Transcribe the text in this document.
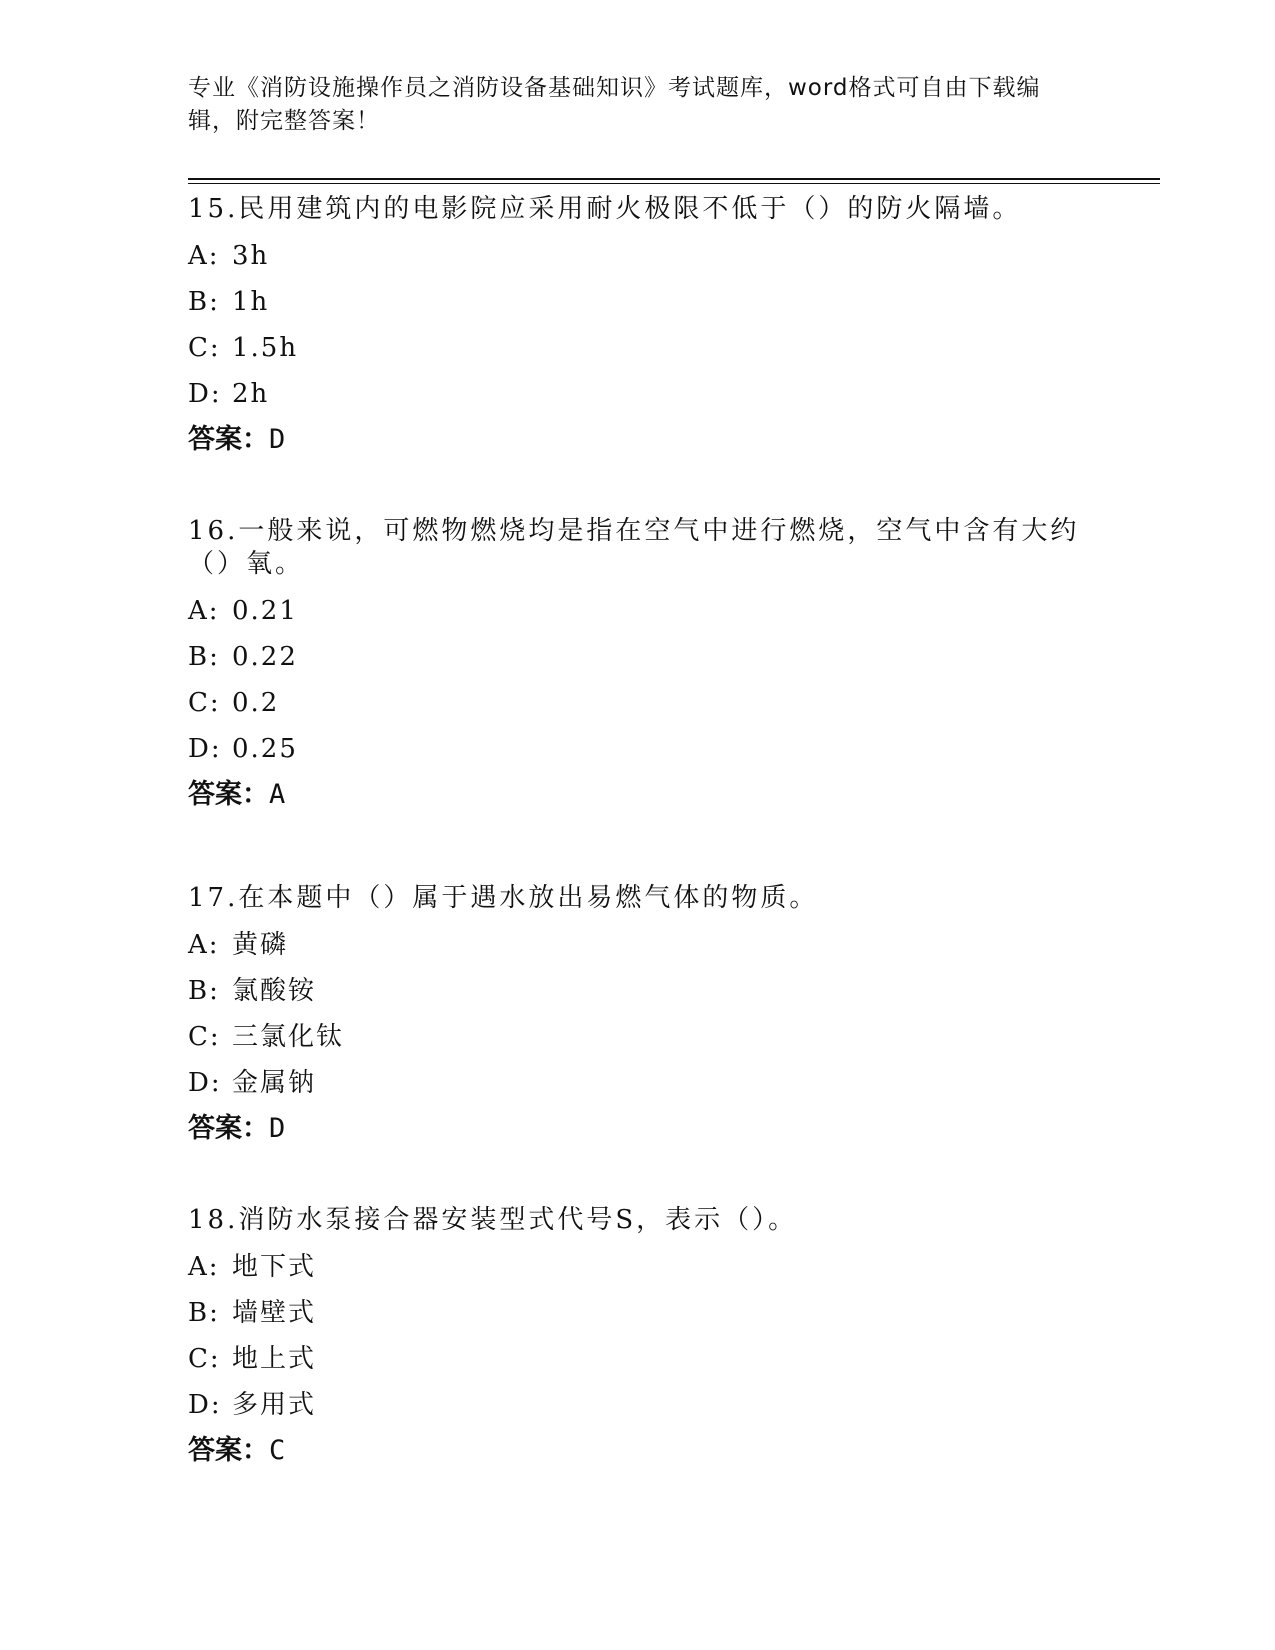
专业《消防设施操作员之消防设备基础知识》考试题库，word格式可自由下载编辑，附完整答案！

15.民用建筑内的电影院应采用耐火极限不低于（）的防火隔墙。

A: 3h

B: 1h

C: 1.5h

D: 2h

答案：D

16.一般来说，可燃物燃烧均是指在空气中进行燃烧，空气中含有大约（）氧。

A: 0.21

B: 0.22

C: 0.2

D: 0.25

答案：A

17.在本题中（）属于遇水放出易燃气体的物质。

A: 黄磷

B: 氯酸铵

C: 三氯化钛

D: 金属钠

答案：D

18.消防水泵接合器安装型式代号S，表示（）。

A: 地下式

B: 墙壁式

C: 地上式

D: 多用式

答案：C
